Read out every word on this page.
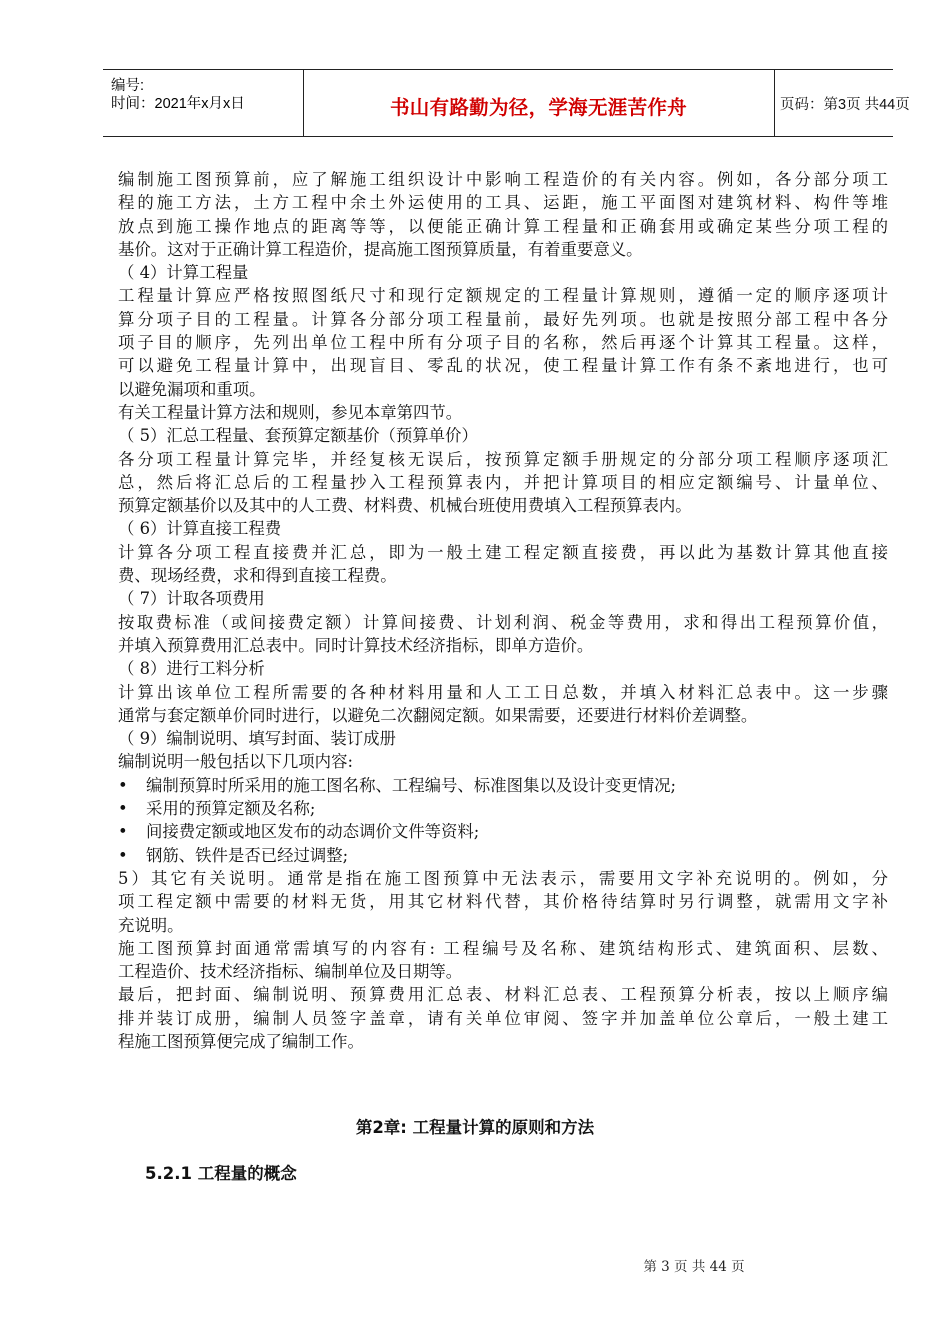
编号:
时间：2021年x月x日	书山有路勤为径，学海无涯苦作舟	页码：第3页 共44页
编制施工图预算前，应了解施工组织设计中影响工程造价的有关内容。例如，各分部分项工
程的施工方法，土方工程中余土外运使用的工具、运距，施工平面图对建筑材料、构件等堆
放点到施工操作地点的距离等等，以便能正确计算工程量和正确套用或确定某些分项工程的
基价。这对于正确计算工程造价，提高施工图预算质量，有着重要意义。
（ 4）计算工程量
工程量计算应严格按照图纸尺寸和现行定额规定的工程量计算规则，遵循一定的顺序逐项计
算分项子目的工程量。计算各分部分项工程量前，最好先列项。也就是按照分部工程中各分
项子目的顺序，先列出单位工程中所有分项子目的名称，然后再逐个计算其工程量。这样，
可以避免工程量计算中，出现盲目、零乱的状况，使工程量计算工作有条不紊地进行，也可
以避免漏项和重项。
有关工程量计算方法和规则，参见本章第四节。
（ 5）汇总工程量、套预算定额基价（预算单价）
各分项工程量计算完毕，并经复核无误后，按预算定额手册规定的分部分项工程顺序逐项汇
总，然后将汇总后的工程量抄入工程预算表内，并把计算项目的相应定额编号、计量单位、
预算定额基价以及其中的人工费、材料费、机械台班使用费填入工程预算表内。
（ 6）计算直接工程费
计算各分项工程直接费并汇总，即为一般土建工程定额直接费，再以此为基数计算其他直接
费、现场经费，求和得到直接工程费。
（ 7）计取各项费用
按取费标准（或间接费定额）计算间接费、计划利润、税金等费用，求和得出工程预算价值，
并填入预算费用汇总表中。同时计算技术经济指标，即单方造价。
（ 8）进行工料分析
计算出该单位工程所需要的各种材料用量和人工工日总数，并填入材料汇总表中。这一步骤
通常与套定额单价同时进行，以避免二次翻阅定额。如果需要，还要进行材料价差调整。
（ 9）编制说明、填写封面、装订成册
编制说明一般包括以下几项内容:
• 编制预算时所采用的施工图名称、工程编号、标准图集以及设计变更情况;
• 采用的预算定额及名称;
• 间接费定额或地区发布的动态调价文件等资料;
• 钢筋、铁件是否已经过调整;
5）其它有关说明。通常是指在施工图预算中无法表示，需要用文字补充说明的。例如，分
项工程定额中需要的材料无货，用其它材料代替，其价格待结算时另行调整，就需用文字补
充说明。
施工图预算封面通常需填写的内容有: 工程编号及名称、建筑结构形式、建筑面积、层数、
工程造价、技术经济指标、编制单位及日期等。
最后，把封面、编制说明、预算费用汇总表、材料汇总表、工程预算分析表，按以上顺序编
排并装订成册，编制人员签字盖章，请有关单位审阅、签字并加盖单位公章后，一般土建工
程施工图预算便完成了编制工作。
第2章: 工程量计算的原则和方法
5.2.1 工程量的概念
第 3 页 共 44 页
